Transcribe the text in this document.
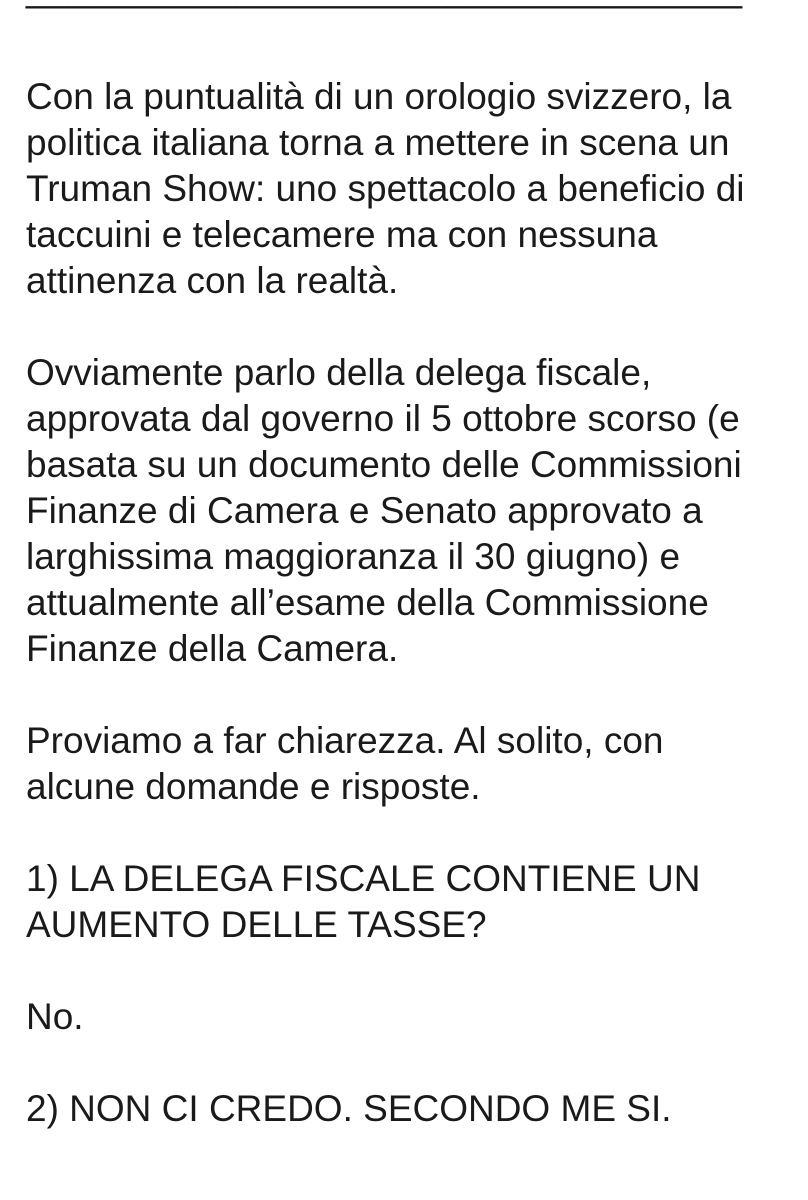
Con la puntualità di un orologio svizzero, la
politica italiana torna a mettere in scena un
Truman Show: uno spettacolo a beneficio di
taccuini e telecamere ma con nessuna
attinenza con la realtà.

Ovviamente parlo della delega fiscale,
approvata dal governo il 5 ottobre scorso (e
basata su un documento delle Commissioni
Finanze di Camera e Senato approvato a
larghissima maggioranza il 30 giugno) e
attualmente all’esame della Commissione
Finanze della Camera.

Proviamo a far chiarezza. Al solito, con
alcune domande e risposte.

1) LA DELEGA FISCALE CONTIENE UN
AUMENTO DELLE TASSE?

No.

2) NON CI CREDO. SECONDO ME SI.
